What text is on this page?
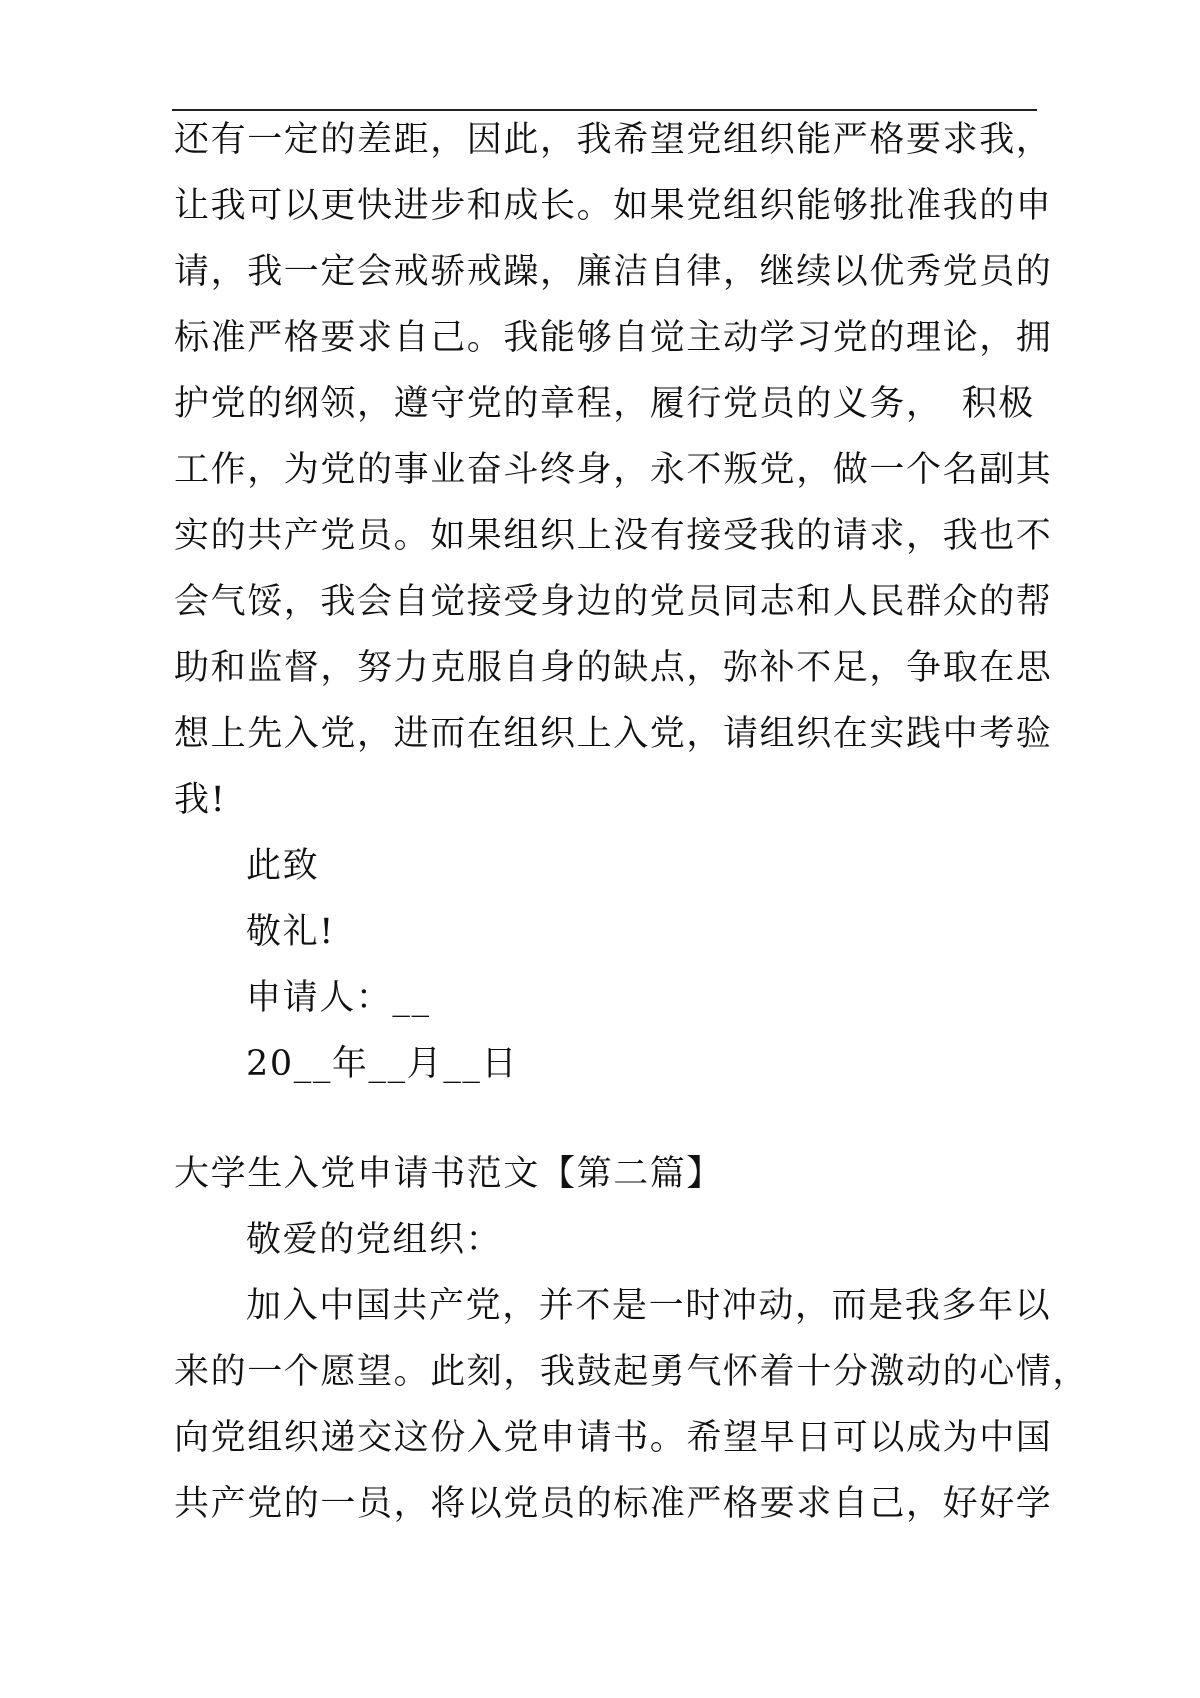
还有一定的差距，因此，我希望党组织能严格要求我，
让我可以更快进步和成长。如果党组织能够批准我的申
请，我一定会戒骄戒躁，廉洁自律，继续以优秀党员的
标准严格要求自己。我能够自觉主动学习党的理论，拥
护党的纲领，遵守党的章程，履行党员的义务，　积极
工作，为党的事业奋斗终身，永不叛党，做一个名副其
实的共产党员。如果组织上没有接受我的请求，我也不
会气馁，我会自觉接受身边的党员同志和人民群众的帮
助和监督，努力克服自身的缺点，弥补不足，争取在思
想上先入党，进而在组织上入党，请组织在实践中考验
我!
此致
敬礼!
申请人：__
20__年__月__日
大学生入党申请书范文【第二篇】
敬爱的党组织：
加入中国共产党，并不是一时冲动，而是我多年以
来的一个愿望。此刻，我鼓起勇气怀着十分激动的心情，
向党组织递交这份入党申请书。希望早日可以成为中国
共产党的一员，将以党员的标准严格要求自己，好好学
